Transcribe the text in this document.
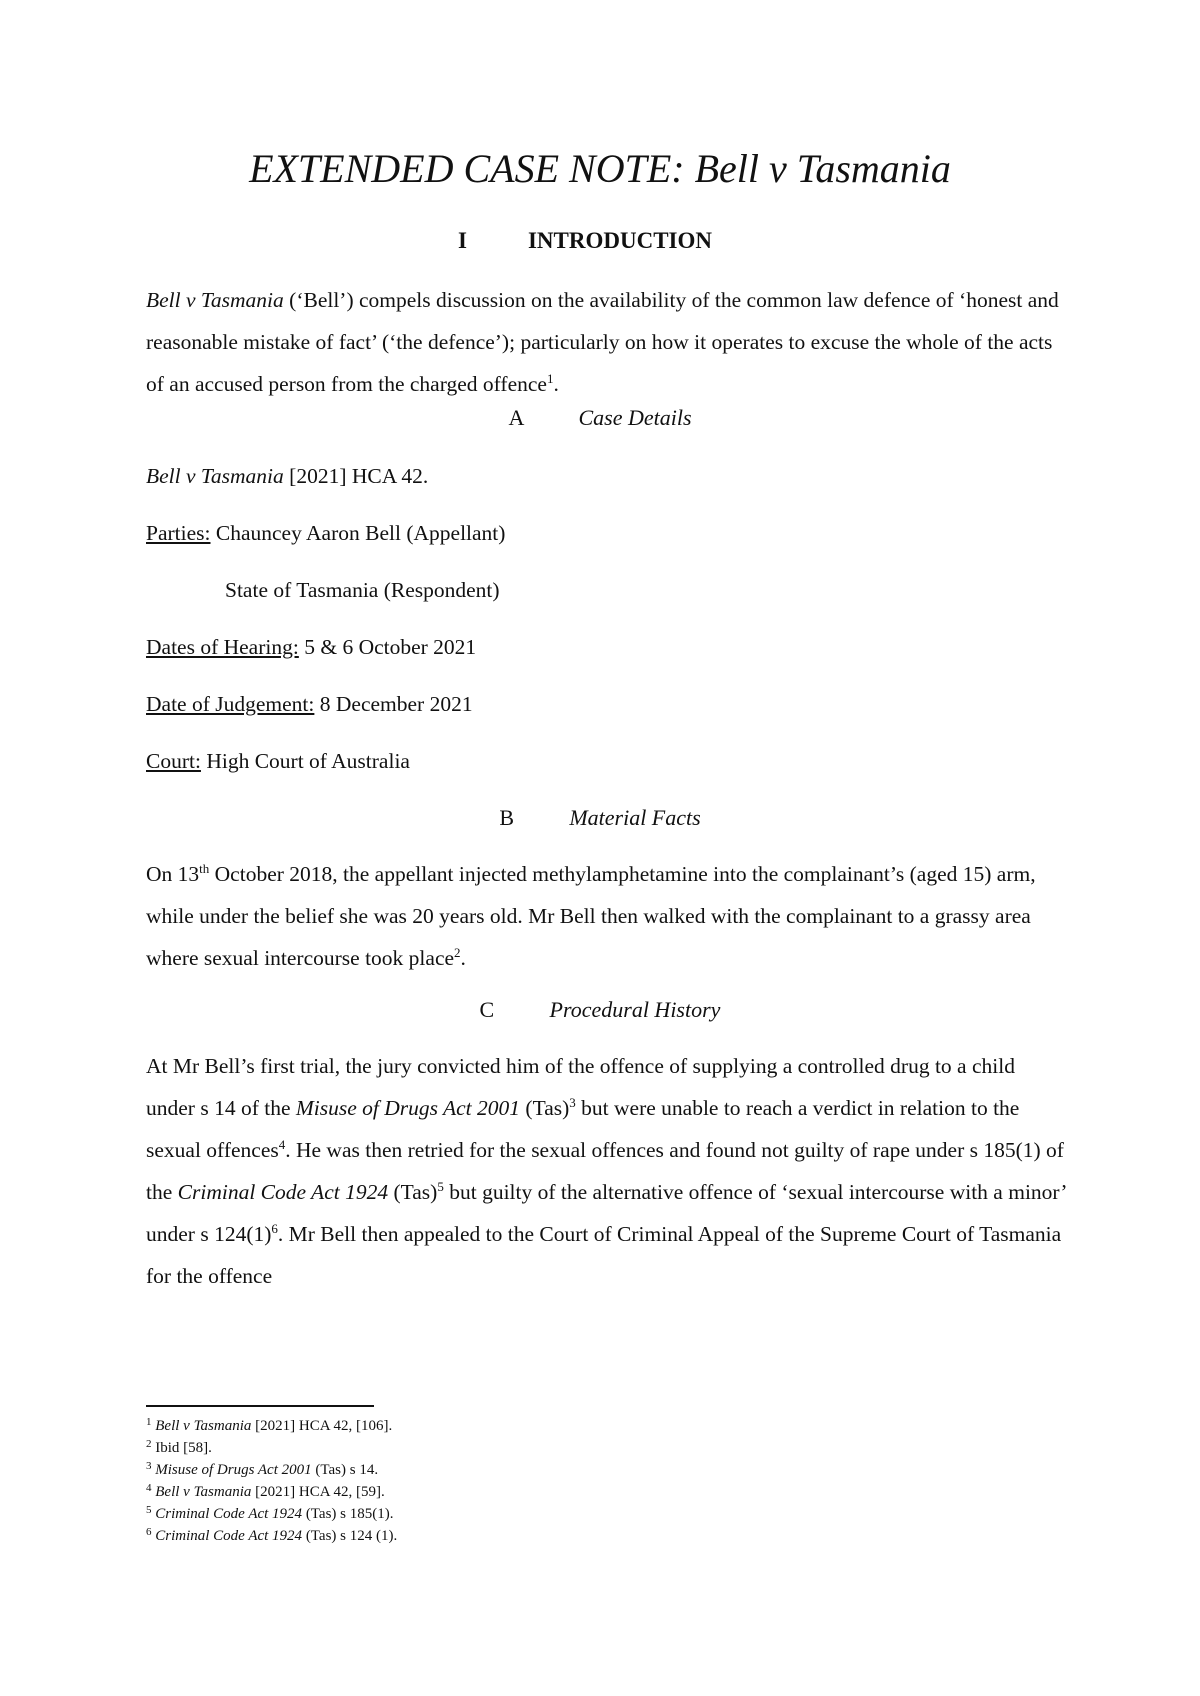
EXTENDED CASE NOTE: Bell v Tasmania
I	INTRODUCTION

Bell v Tasmania (‘Bell’) compels discussion on the availability of the common law defence of ‘honest and reasonable mistake of fact’ (‘the defence’); particularly on how it operates to excuse the whole of the acts of an accused person from the charged offence$^1$.

A Case Details
Bell v Tasmania [2021] HCA 42.
Parties: Chauncey Aaron Bell (Appellant)
State of Tasmania (Respondent)
Dates of Hearing: 5 & 6 October 2021
Date of Judgement: 8 December 2021
Court: High Court of Australia
B	Material Facts

On 13th October 2018, the appellant injected methylamphetamine into the complainant’s (aged 15) arm, while under the belief she was 20 years old. Mr Bell then walked with the complainant to a grassy area where sexual intercourse took place$^2$.

C	Procedural History

At Mr Bell’s first trial, the jury convicted him of the offence of supplying a controlled drug to a child under s 14 of the Misuse of Drugs Act 2001 (Tas)$^3$ but were unable to reach a verdict in relation to the sexual offences$^4$. He was then retried for the sexual offences and found not guilty of rape under s 185(1) of the Criminal Code Act 1924 (Tas)$^5$ but guilty of the alternative offence of ‘sexual intercourse with a minor’ under s $124(1)^6$. Mr Bell then appealed to the Court of Criminal Appeal of the Supreme Court of Tasmania for the offence

$^1$ Bell v Tasmania [2021] HCA 42, [106].
$^2$ Ibid [58].
$^3$ Misuse of Drugs Act 2001 (Tas) s 14.
$^4$ Bell v Tasmania [2021] HCA 42, [59].
$^5$ Criminal Code Act 1924 (Tas) s 185(1).
$^6$ Criminal Code Act 1924 (Tas) s 124 (1).
